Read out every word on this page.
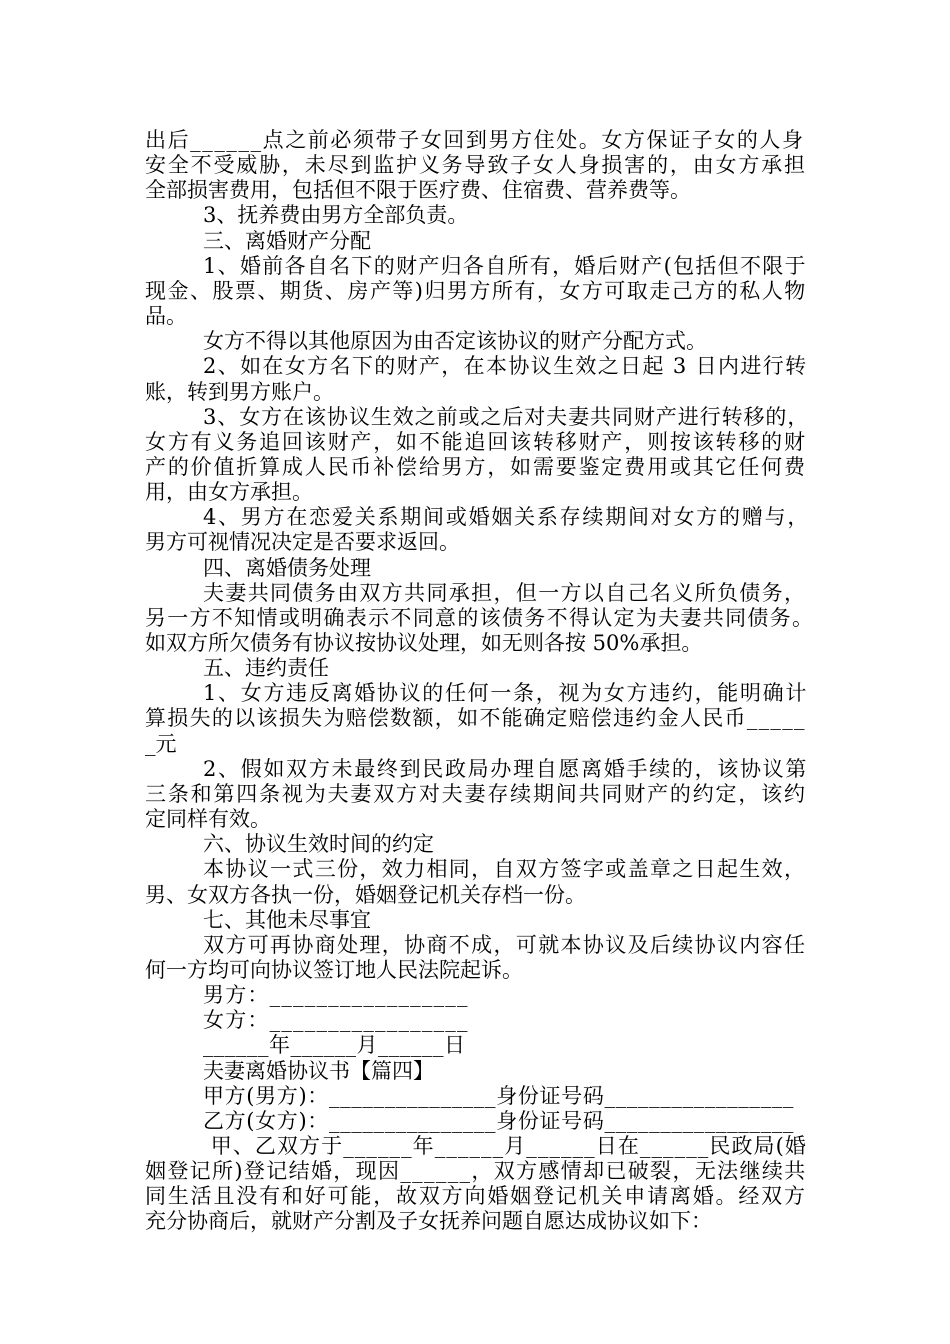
出后______点之前必须带子女回到男方住处。女方保证子女的人身
安全不受威胁，未尽到监护义务导致子女人身损害的，由女方承担
全部损害费用，包括但不限于医疗费、住宿费、营养费等。
3、抚养费由男方全部负责。
三、离婚财产分配
1、婚前各自名下的财产归各自所有，婚后财产(包括但不限于
现金、股票、期货、房产等)归男方所有，女方可取走己方的私人物
品。
女方不得以其他原因为由否定该协议的财产分配方式。
2、如在女方名下的财产，在本协议生效之日起 3 日内进行转
账，转到男方账户。
3、女方在该协议生效之前或之后对夫妻共同财产进行转移的，
女方有义务追回该财产，如不能追回该转移财产，则按该转移的财
产的价值折算成人民币补偿给男方，如需要鉴定费用或其它任何费
用，由女方承担。
4、男方在恋爱关系期间或婚姻关系存续期间对女方的赠与，
男方可视情况决定是否要求返回。
四、离婚债务处理
夫妻共同债务由双方共同承担，但一方以自己名义所负债务，
另一方不知情或明确表示不同意的该债务不得认定为夫妻共同债务。
如双方所欠债务有协议按协议处理，如无则各按 50%承担。
五、违约责任
1、女方违反离婚协议的任何一条，视为女方违约，能明确计
算损失的以该损失为赔偿数额，如不能确定赔偿违约金人民币_____
_元
2、假如双方未最终到民政局办理自愿离婚手续的，该协议第
三条和第四条视为夫妻双方对夫妻存续期间共同财产的约定，该约
定同样有效。
六、协议生效时间的约定
本协议一式三份，效力相同，自双方签字或盖章之日起生效，
男、女双方各执一份，婚姻登记机关存档一份。
七、其他未尽事宜
双方可再协商处理，协商不成，可就本协议及后续协议内容任
何一方均可向协议签订地人民法院起诉。
男方：_________________
女方：_________________
______年______月______日
夫妻离婚协议书【篇四】
甲方(男方)：_______________身份证号码_________________
乙方(女方)：_______________身份证号码_________________
甲、乙双方于______年______月______日在______民政局(婚
姻登记所)登记结婚，现因______，双方感情却已破裂，无法继续共
同生活且没有和好可能，故双方向婚姻登记机关申请离婚。经双方
充分协商后，就财产分割及子女抚养问题自愿达成协议如下：
